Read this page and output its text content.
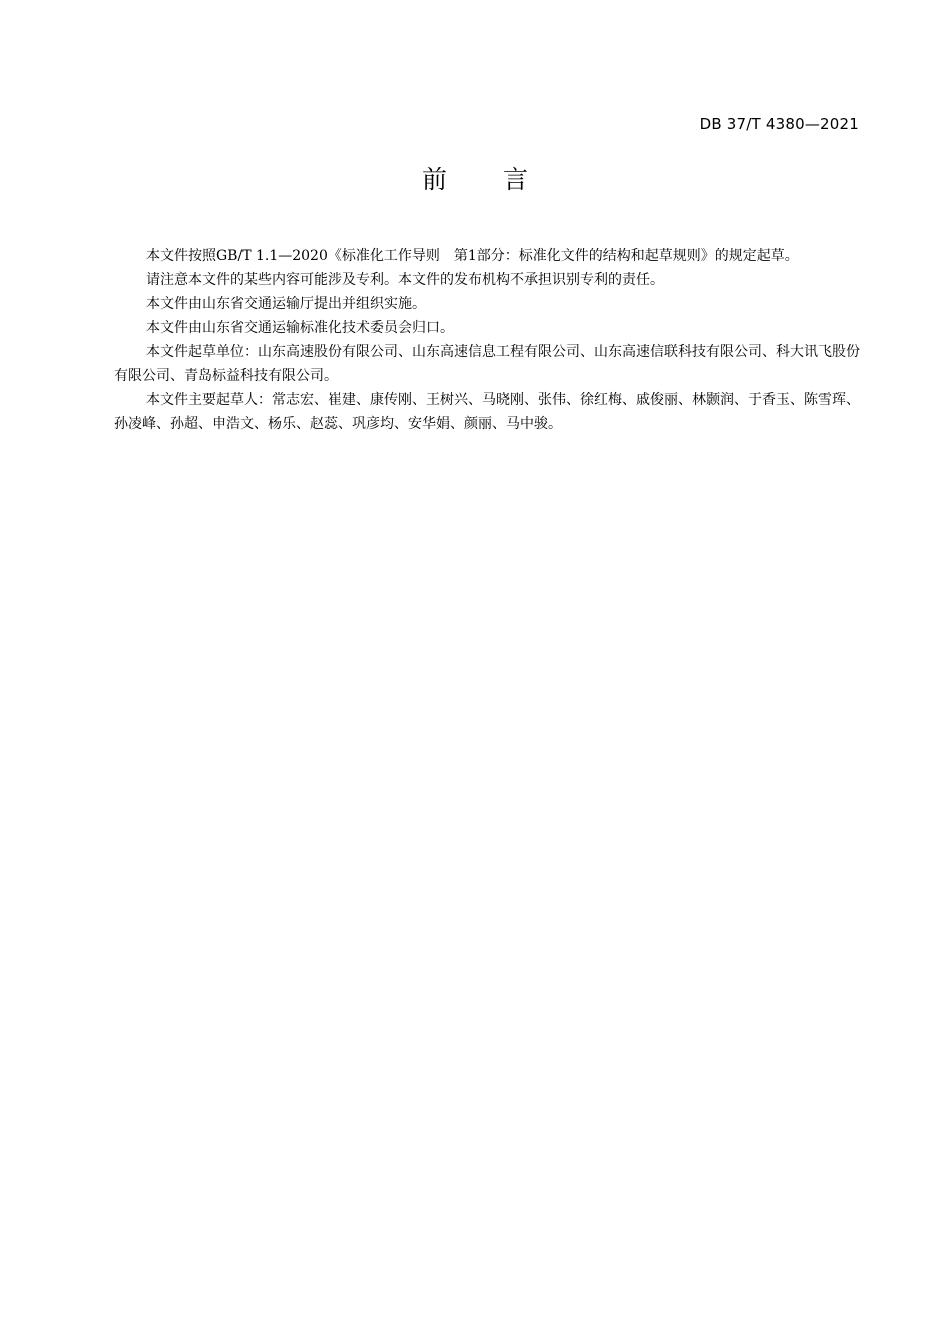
DB 37/T 4380—2021
前 言

本文件按照GB/T 1.1—2020《标准化工作导则　第1部分：标准化文件的结构和起草规则》的规定起草。

请注意本文件的某些内容可能涉及专利。本文件的发布机构不承担识别专利的责任。

本文件由山东省交通运输厅提出并组织实施。

本文件由山东省交通运输标准化技术委员会归口。

本文件起草单位：山东高速股份有限公司、山东高速信息工程有限公司、山东高速信联科技有限公司、科大讯飞股份有限公司、青岛标益科技有限公司。

本文件主要起草人：常志宏、崔建、康传刚、王树兴、马晓刚、张伟、徐红梅、戚俊丽、林颢润、于香玉、陈雪珲、孙凌峰、孙超、申浩文、杨乐、赵蕊、巩彦均、安华娟、颜丽、马中骏。
